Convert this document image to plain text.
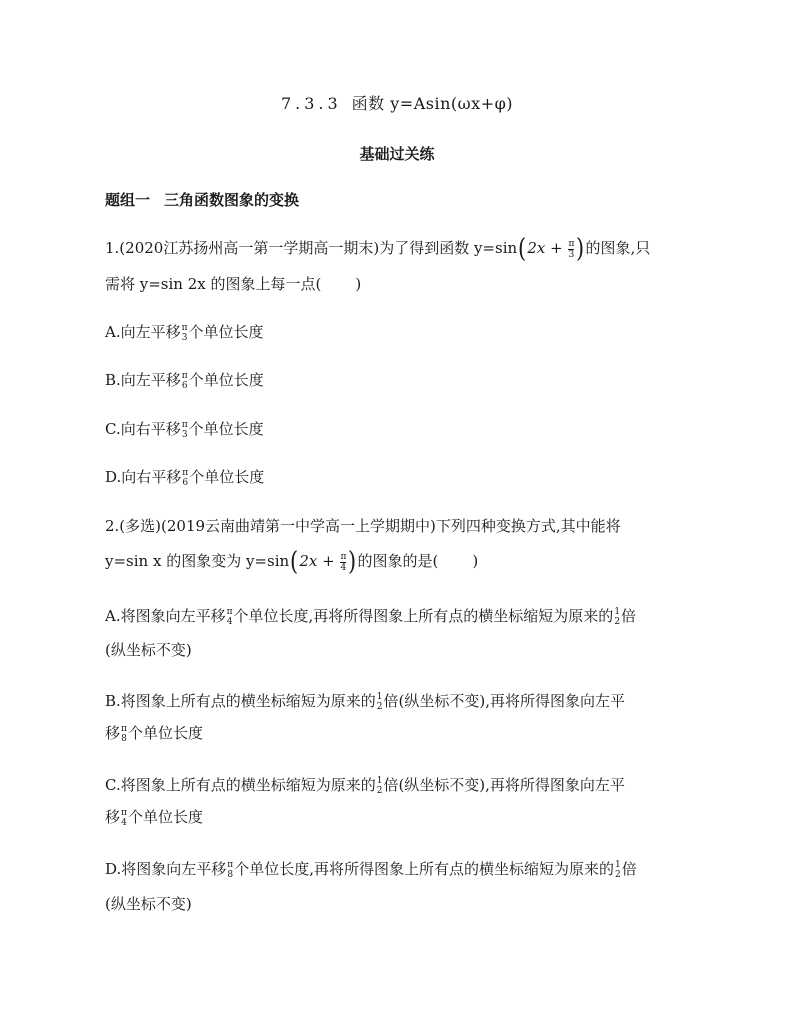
7.3.3 函数 y=Asin(ωx+φ)
基础过关练
题组一 三角函数图象的变换
1.(2020江苏扬州高一第一学期高一期末)为了得到函数 $y=\sin(2x + \frac{\pi}{3}$ )的图象,只
需将 y=sin 2x 的图象上每一点( )
A.向左平移 π
3 个单位长度
B.向左平移 π
6 个单位长度
C.向右平移 π
3 个单位长度
D.向右平移 π
6 个单位长度
2.(多选)(2019云南曲靖第一中学高一上学期期中)下列四种变换方式,其中能将
y=sin x 的图象变为 $y=\sin(2x + \frac{\pi}{4}$ )的图象的是( )
A.将图象向左平移 π
4 个单位长度,再将所得图象上所有点的横坐标缩短为原来的 1
2 倍
(纵坐标不变)
B.将图象上所有点的横坐标缩短为原来的 1
2 倍(纵坐标不变),再将所得图象向左平
移 π
8 个单位长度
C.将图象上所有点的横坐标缩短为原来的 1
2 倍(纵坐标不变),再将所得图象向左平
移 π
4 个单位长度
D.将图象向左平移 π
8 个单位长度,再将所得图象上所有点的横坐标缩短为原来的 1
2 倍
(纵坐标不变)
